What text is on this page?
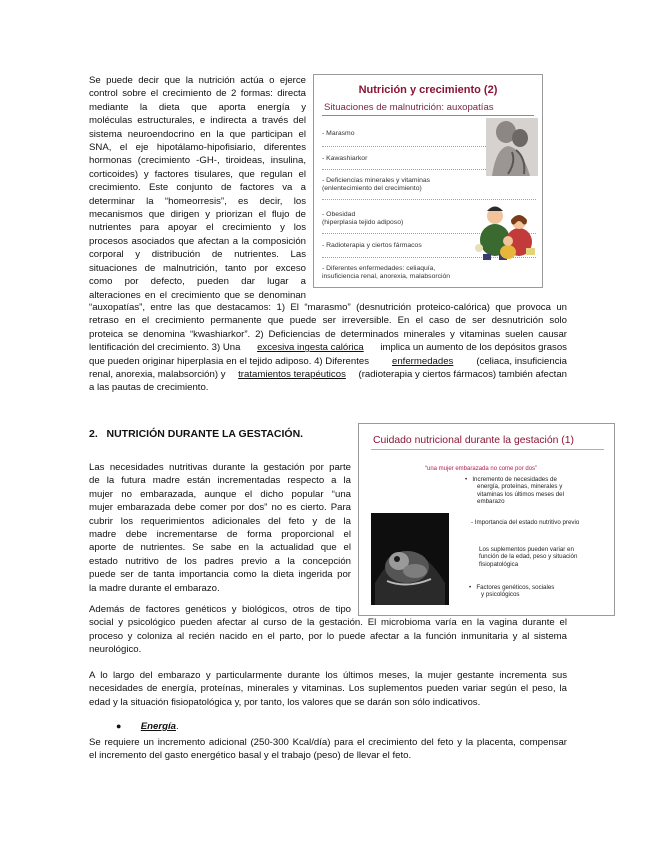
Se puede decir que la nutrición actúa o ejerce
control sobre el crecimiento de 2 formas: directa
mediante la dieta que aporta energía y
moléculas estructurales, e indirecta a través del
sistema neuroendocrino en la que participan el
SNA, el eje hipotálamo-hipofisiario, diferentes
hormonas (crecimiento -GH-, tiroideas, insulina,
corticoides) y factores tisulares, que regulan el
crecimiento. Este conjunto de factores va a
determinar la “homeorresis”, es decir, los
mecanismos que dirigen y priorizan el flujo de
nutrientes para apoyar el crecimiento y los
procesos asociados que afectan a la composición
corporal y distribución de nutrientes. Las
situaciones de malnutrición, tanto por exceso
como por defecto, pueden dar lugar a
alteraciones en el crecimiento que se denominan
“auxopatías”, entre las que destacamos: 1) El “marasmo” (desnutrición proteico-calórica) que provoca un
retraso en el crecimiento permanente que puede ser irreversible. En el caso de ser desnutrición solo
proteica se denomina “kwashiarkor”. 2) Deficiencias de determinados minerales y vitaminas suelen causar
lentificación del crecimiento. 3) Una excesiva ingesta calórica implica un aumento de los depósitos grasos
que pueden originar hiperplasia en el tejido adiposo. 4) Diferentes enfermedades (celiaca, insuficiencia
renal, anorexia, malabsorción) y tratamientos terapéuticos (radioterapia y ciertos fármacos) también afectan
a las pautas de crecimiento.
Nutrición y crecimiento (2)
Situaciones de malnutrición: auxopatías
- Marasmo
- Kawashiarkor
- Deficiencias minerales y vitaminas
(enlentecimiento del crecimiento)
- Obesidad
(hiperplasia tejido adiposo)
- Radioterapia y ciertos fármacos
- Diferentes enfermedades: celiaquía,
insuficiencia renal, anorexia, malabsorción
2.   NUTRICIÓN DURANTE LA GESTACIÓN.
Las necesidades nutritivas durante la gestación por parte
de la futura madre están incrementadas respecto a la
mujer no embarazada, aunque el dicho popular “una
mujer embarazada debe comer por dos” no es cierto. Para
cubrir los requerimientos adicionales del feto y de la
madre debe incrementarse de forma proporcional el
aporte de nutrientes. Se sabe en la actualidad que el
estado nutritivo de los padres previo a la concepción
puede ser de tanta importancia como la dieta ingerida por
la madre durante el embarazo.
Además de factores genéticos y biológicos, otros de tipo
social y psicológico pueden afectar al curso de la gestación. El microbioma varía en la vagina durante el
proceso y coloniza al recién nacido en el parto, por lo puede afectar a la función inmunitaria y al sistema
neurológico.
A lo largo del embarazo y particularmente durante los últimos meses, la mujer gestante incrementa sus
necesidades de energía, proteínas, minerales y vitaminas. Los suplementos pueden variar según el peso, la
edad y la situación fisiopatológica y, por tanto, los valores que se darán son sólo indicativos.
● Energía.
Se requiere un incremento adicional (250-300 Kcal/día) para el crecimiento del feto y la placenta, compensar
el incremento del gasto energético basal y el trabajo (peso) de llevar el feto.
Cuidado nutricional durante la gestación (1)
“una mujer embarazada no come por dos”
•   Incremento de necesidades de
energía, proteínas, minerales y
vitaminas los últimos meses del
embarazo
- Importancia del estado nutritivo previo
Los suplementos pueden variar en
función de la edad, peso y situación
fisiopatológica
•   Factores genéticos, sociales
y psicológicos
